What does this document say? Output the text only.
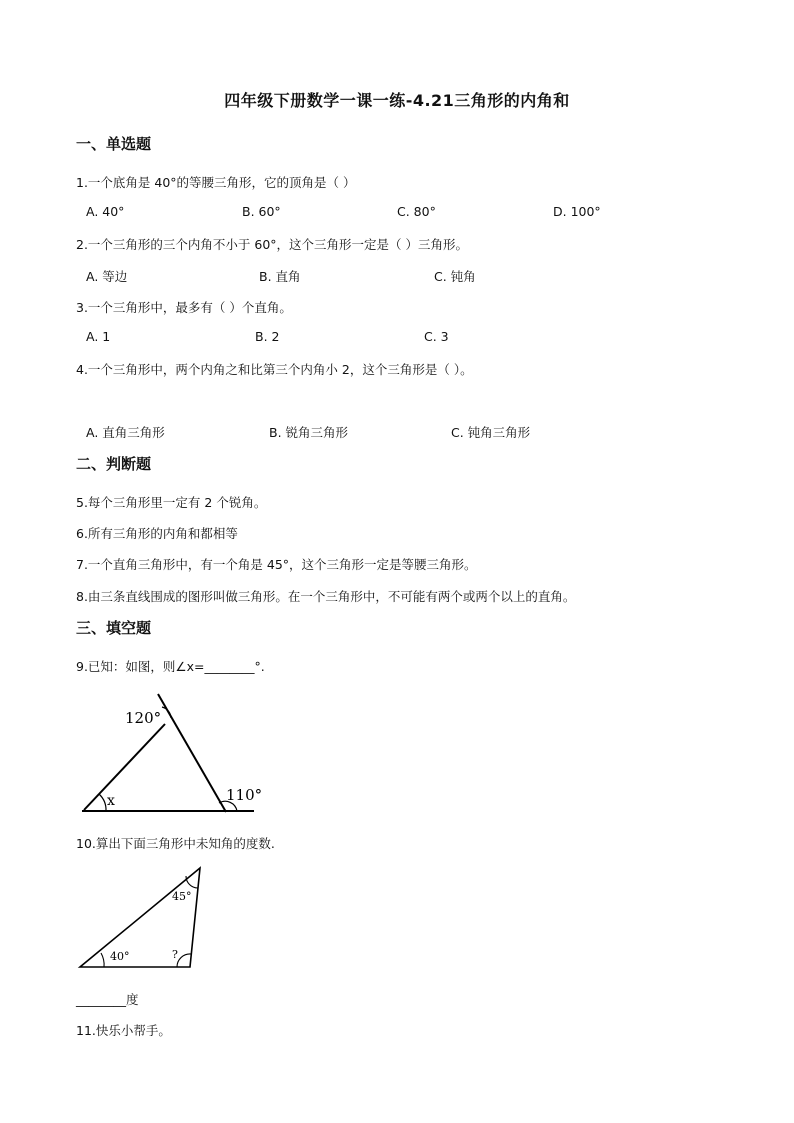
四年级下册数学一课一练-4.21三角形的内角和
一、单选题
1.一个底角是 40°的等腰三角形，它的顶角是（ ）
A. 40°	B. 60°	C. 80°	D. 100°
2.一个三角形的三个内角不小于 60°，这个三角形一定是（ ）三角形。
A. 等边	B. 直角	C. 钝角
3.一个三角形中，最多有（ ）个直角。
A. 1	B. 2	C. 3
4.一个三角形中，两个内角之和比第三个内角小 2，这个三角形是（ ）。
A. 直角三角形	B. 锐角三角形	C. 钝角三角形
二、判断题
5.每个三角形里一定有 2 个锐角。
6.所有三角形的内角和都相等
7.一个直角三角形中，有一个角是 45°，这个三角形一定是等腰三角形。
8.由三条直线围成的图形叫做三角形。在一个三角形中，不可能有两个或两个以上的直角。
三、填空题
9.已知：如图，则∠x=________°.
120°
110°
x
10.算出下面三角形中未知角的度数.
45°
40°	?
________度
11.快乐小帮手。
